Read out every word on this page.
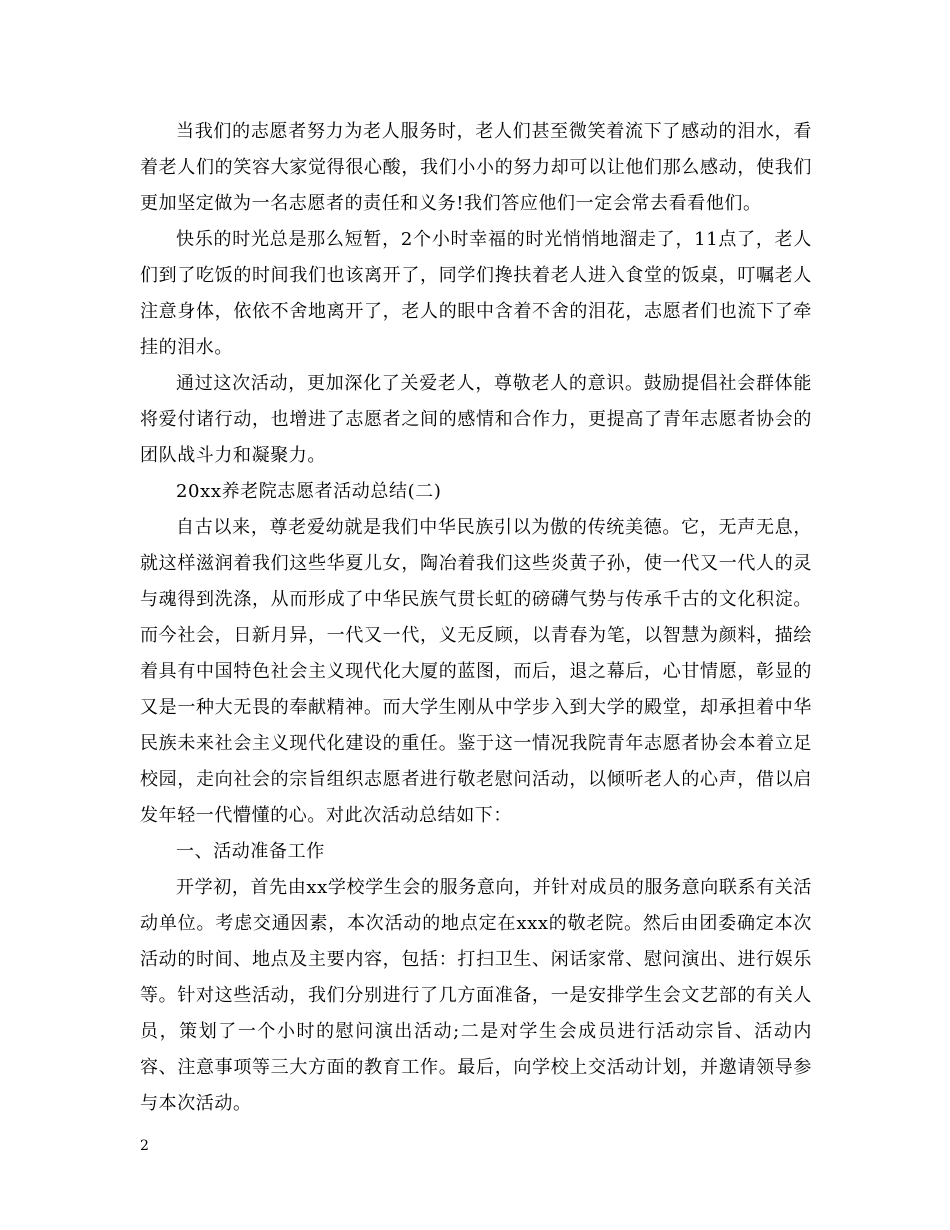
当我们的志愿者努力为老人服务时，老人们甚至微笑着流下了感动的泪水，看着老人们的笑容大家觉得很心酸，我们小小的努力却可以让他们那么感动，使我们更加坚定做为一名志愿者的责任和义务!我们答应他们一定会常去看看他们。

快乐的时光总是那么短暂，2个小时幸福的时光悄悄地溜走了，11点了，老人们到了吃饭的时间我们也该离开了，同学们搀扶着老人进入食堂的饭桌，叮嘱老人注意身体，依依不舍地离开了，老人的眼中含着不舍的泪花，志愿者们也流下了牵挂的泪水。

通过这次活动，更加深化了关爱老人，尊敬老人的意识。鼓励提倡社会群体能将爱付诸行动，也增进了志愿者之间的感情和合作力，更提高了青年志愿者协会的团队战斗力和凝聚力。

20xx养老院志愿者活动总结(二)

自古以来，尊老爱幼就是我们中华民族引以为傲的传统美德。它，无声无息，就这样滋润着我们这些华夏儿女，陶冶着我们这些炎黄子孙，使一代又一代人的灵与魂得到洗涤，从而形成了中华民族气贯长虹的磅礴气势与传承千古的文化积淀。而今社会，日新月异，一代又一代，义无反顾，以青春为笔，以智慧为颜料，描绘着具有中国特色社会主义现代化大厦的蓝图，而后，退之幕后，心甘情愿，彰显的又是一种大无畏的奉献精神。而大学生刚从中学步入到大学的殿堂，却承担着中华民族未来社会主义现代化建设的重任。鉴于这一情况我院青年志愿者协会本着立足校园，走向社会的宗旨组织志愿者进行敬老慰问活动，以倾听老人的心声，借以启发年轻一代懵懂的心。对此次活动总结如下：

一、活动准备工作

开学初，首先由xx学校学生会的服务意向，并针对成员的服务意向联系有关活动单位。考虑交通因素，本次活动的地点定在xxx的敬老院。然后由团委确定本次活动的时间、地点及主要内容，包括：打扫卫生、闲话家常、慰问演出、进行娱乐等。针对这些活动，我们分别进行了几方面准备，一是安排学生会文艺部的有关人员，策划了一个小时的慰问演出活动;二是对学生会成员进行活动宗旨、活动内容、注意事项等三大方面的教育工作。最后，向学校上交活动计划，并邀请领导参与本次活动。

2
